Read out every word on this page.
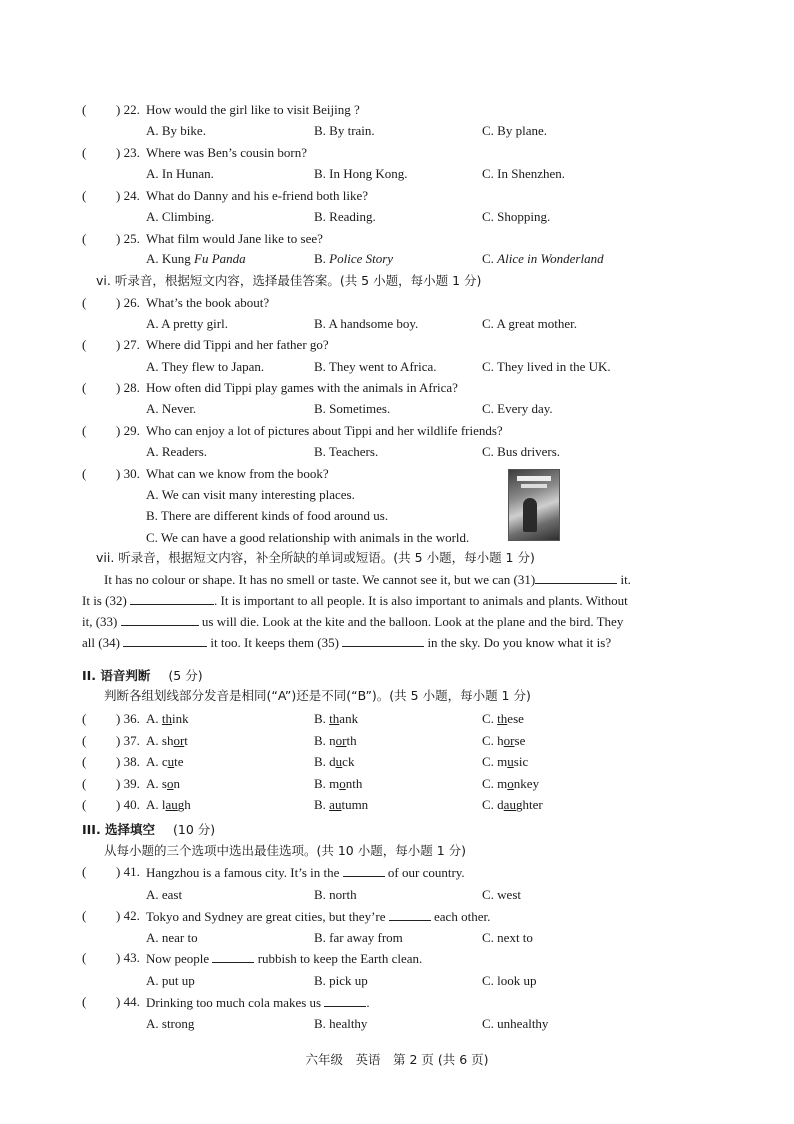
( ) 22. How would the girl like to visit Beijing ?
A. By bike.	B. By train.	C. By plane.
( ) 23. Where was Ben’s cousin born?
A. In Hunan.	B. In Hong Kong.	C. In Shenzhen.
( ) 24. What do Danny and his e-friend both like?
A. Climbing.	B. Reading.	C. Shopping.
( ) 25. What film would Jane like to see?
A. Kung Fu Panda	B. Police Story	C. Alice in Wonderland
vi. 听录音，根据短文内容，选择最佳答案。(共 5 小题，每小题 1 分)
( ) 26. What’s the book about?
A. A pretty girl.	B. A handsome boy.	C. A great mother.
( ) 27. Where did Tippi and her father go?
A. They flew to Japan.	B. They went to Africa.	C. They lived in the UK.
( ) 28. How often did Tippi play games with the animals in Africa?
A. Never.	B. Sometimes.	C. Every day.
( ) 29. Who can enjoy a lot of pictures about Tippi and her wildlife friends?
A. Readers.	B. Teachers.	C. Bus drivers.
( ) 30. What can we know from the book?
A. We can visit many interesting places.
B. There are different kinds of food around us.
C. We can have a good relationship with animals in the world.
vii. 听录音，根据短文内容，补全所缺的单词或短语。(共 5 小题，每小题 1 分)
It has no colour or shape. It has no smell or taste. We cannot see it, but we can (31)	it.
It is (32)	. It is important to all people. It is also important to animals and plants. Without
it, (33)	us will die. Look at the kite and the balloon. Look at the plane and the bird. They
all (34)	it too. It keeps them (35)	in the sky. Do you know what it is?
II. 语音判断 (5 分)
判断各组划线部分发音是相同(“A”)还是不同(“B”)。(共 5 小题，每小题 1 分)
( ) 36. A. think	B. thank	C. these
( ) 37. A. short	B. north	C. horse
( ) 38. A. cute	B. duck	C. music
( ) 39. A. son	B. month	C. monkey
( ) 40. A. laugh	B. autumn	C. daughter
III. 选择填空 (10 分)
从每小题的三个选项中选出最佳选项。(共 10 小题，每小题 1 分)
( ) 41. Hangzhou is a famous city. It’s in the	of our country.
A. east	B. north	C. west
( ) 42. Tokyo and Sydney are great cities, but they’re	each other.
A. near to	B. far away from	C. next to
( ) 43. Now people	rubbish to keep the Earth clean.
A. put up	B. pick up	C. look up
( ) 44. Drinking too much cola makes us	.
A. strong	B. healthy	C. unhealthy
六年级　英语　第 2 页 (共 6 页)
